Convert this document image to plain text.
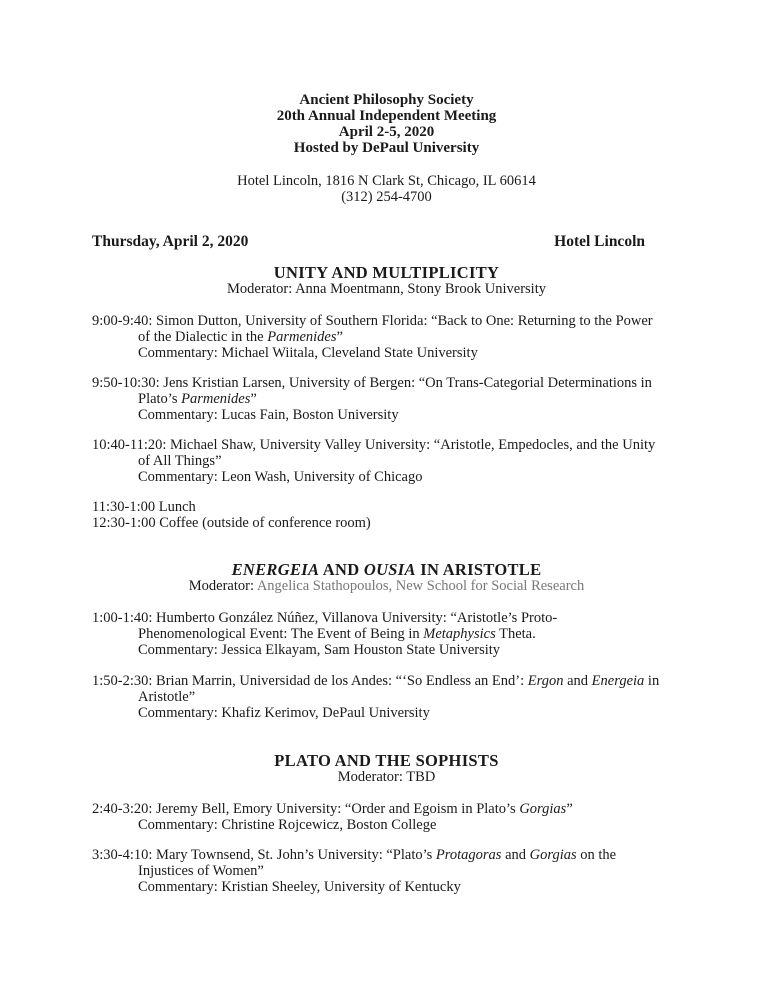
Ancient Philosophy Society
20th Annual Independent Meeting
April 2-5, 2020
Hosted by DePaul University
Hotel Lincoln, 1816 N Clark St, Chicago, IL 60614
(312) 254-4700
Thursday, April 2, 2020	Hotel Lincoln
UNITY AND MULTIPLICITY
Moderator: Anna Moentmann, Stony Brook University
9:00-9:40: Simon Dutton, University of Southern Florida: “Back to One: Returning to the Power
of the Dialectic in the Parmenides”
Commentary: Michael Wiitala, Cleveland State University
9:50-10:30: Jens Kristian Larsen, University of Bergen: “On Trans-Categorial Determinations in
Plato’s Parmenides”
Commentary: Lucas Fain, Boston University
10:40-11:20: Michael Shaw, University Valley University: “Aristotle, Empedocles, and the Unity
of All Things”
Commentary: Leon Wash, University of Chicago
11:30-1:00 Lunch
12:30-1:00 Coffee (outside of conference room)
ENERGEIA AND OUSIA IN ARISTOTLE
Moderator: Angelica Stathopoulos, New School for Social Research
1:00-1:40: Humberto González Núñez, Villanova University: “Aristotle’s Proto-
Phenomenological Event: The Event of Being in Metaphysics Theta.
Commentary: Jessica Elkayam, Sam Houston State University
1:50-2:30: Brian Marrin, Universidad de los Andes: “‘So Endless an End’: Ergon and Energeia in
Aristotle”
Commentary: Khafiz Kerimov, DePaul University
PLATO AND THE SOPHISTS
Moderator: TBD
2:40-3:20: Jeremy Bell, Emory University: “Order and Egoism in Plato’s Gorgias”
Commentary: Christine Rojcewicz, Boston College
3:30-4:10: Mary Townsend, St. John’s University: “Plato’s Protagoras and Gorgias on the
Injustices of Women”
Commentary: Kristian Sheeley, University of Kentucky
